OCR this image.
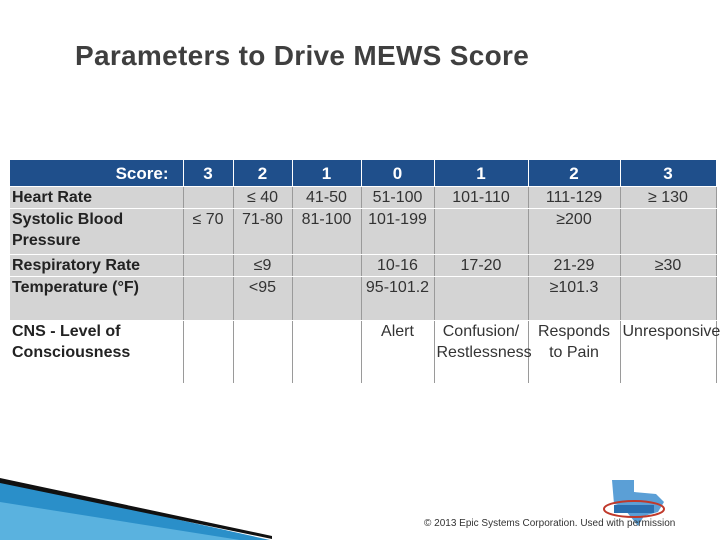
Parameters to Drive MEWS Score
Score:	3	2	1	0	1	2	3
Heart Rate		≤ 40	41-50	51-100	101-110	111-129	≥ 130
Systolic Blood Pressure	≤ 70	71-80	81-100	101-199		≥200	
Respiratory Rate		≤9		10-16	17-20	21-29	≥30
Temperature (°F)		<95		95-101.2		≥101.3	
CNS - Level of Consciousness				Alert	Confusion/ Restlessness	Responds to Pain	Unresponsive
© 2013 Epic Systems Corporation. Used with permission
